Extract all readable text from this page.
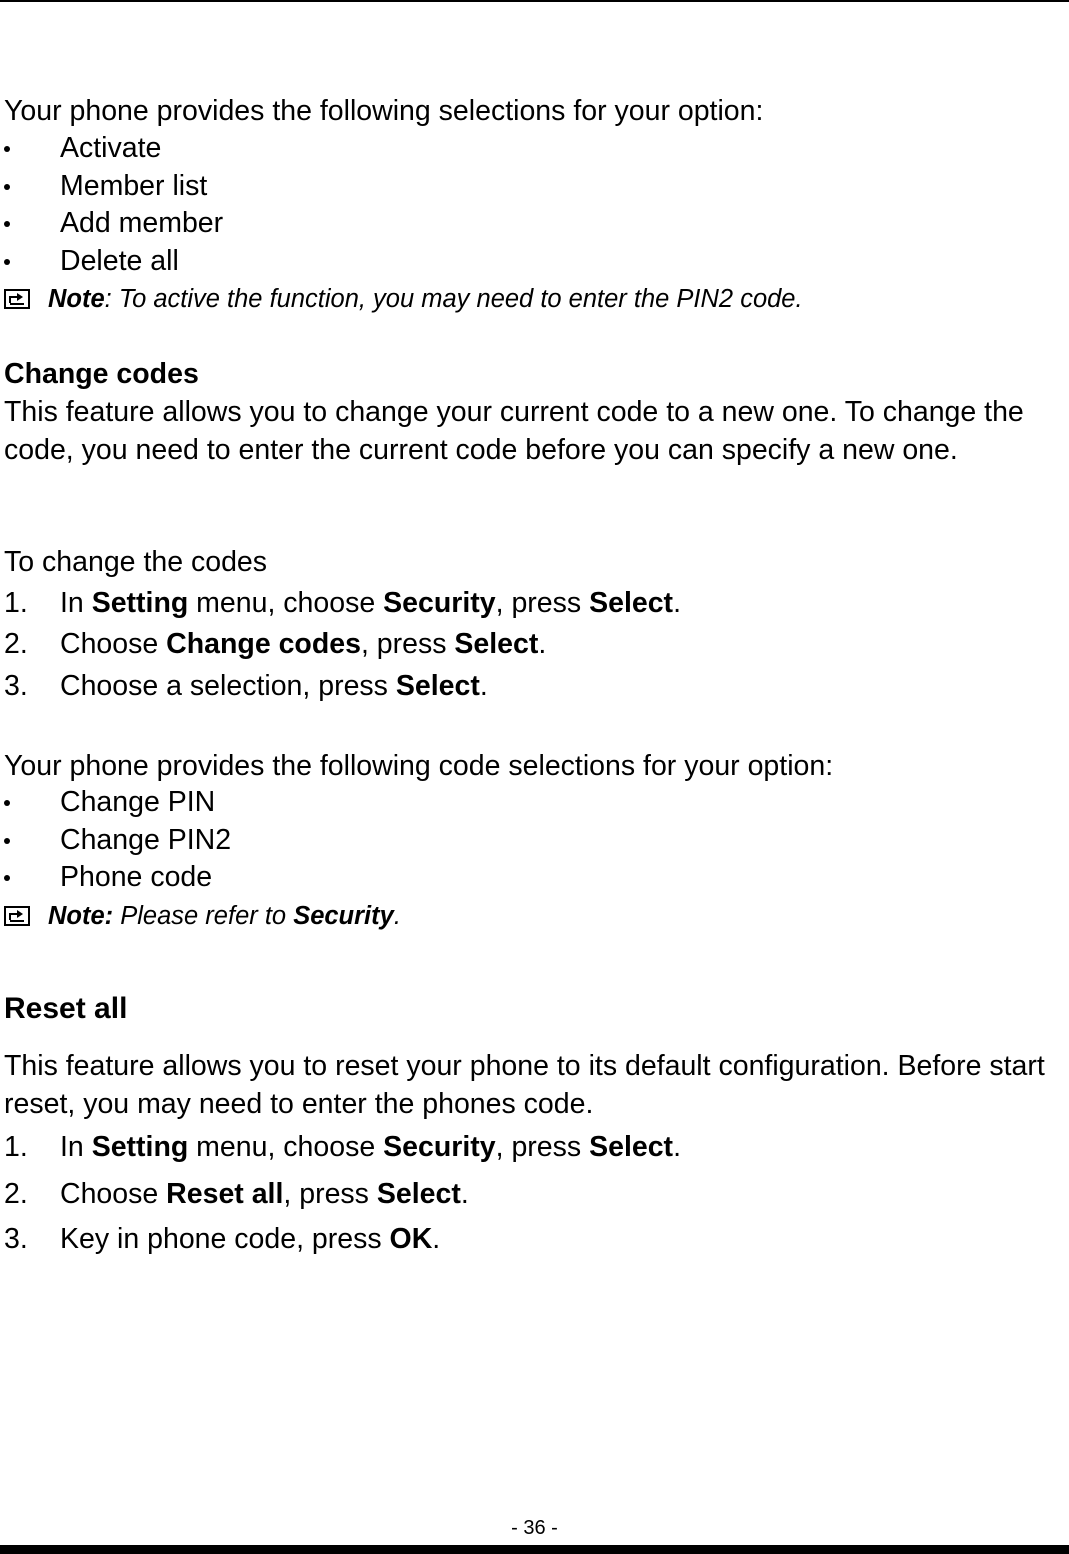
Your phone provides the following selections for your option:

Activate
Member list
Add member
Delete all
Note: To active the function, you may need to enter the PIN2 code.
Change codes

This feature allows you to change your current code to a new one. To change the code, you need to enter the current code before you can specify a new one.

To change the codes

1. In Setting menu, choose Security, press Select.
2. Choose Change codes, press Select.
3. Choose a selection, press Select.

Your phone provides the following code selections for your option:

Change PIN
Change PIN2
Phone code
Note: Please refer to Security.
Reset all

This feature allows you to reset your phone to its default configuration. Before start reset, you may need to enter the phones code.

1. In Setting menu, choose Security, press Select.
2. Choose Reset all, press Select.
3. Key in phone code, press OK.
- 36 -
